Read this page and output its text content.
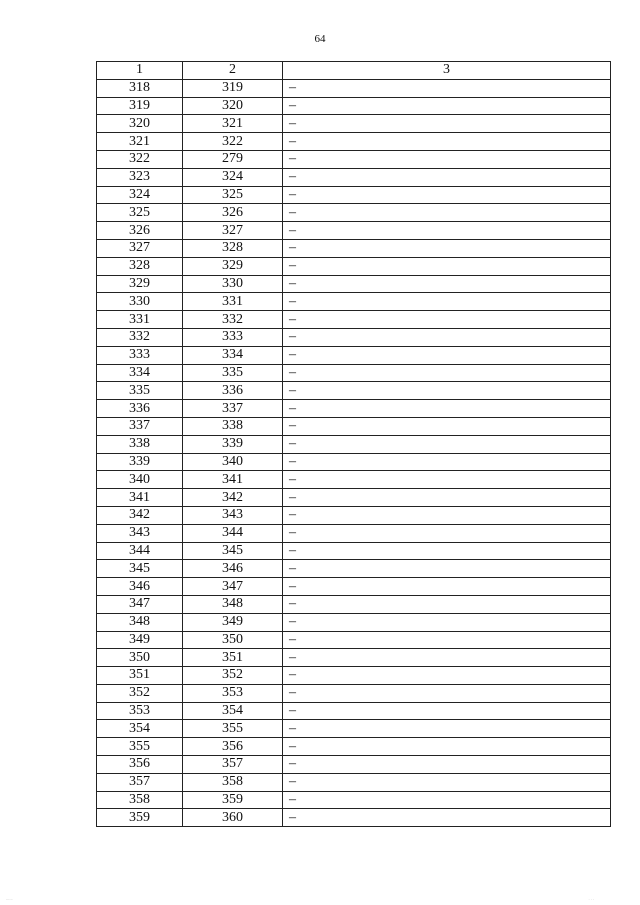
64
1	2	3
318	319	–
319	320	–
320	321	–
321	322	–
322	279	–
323	324	–
324	325	–
325	326	–
326	327	–
327	328	–
328	329	–
329	330	–
330	331	–
331	332	–
332	333	–
333	334	–
334	335	–
335	336	–
336	337	–
337	338	–
338	339	–
339	340	–
340	341	–
341	342	–
342	343	–
343	344	–
344	345	–
345	346	–
346	347	–
347	348	–
348	349	–
349	350	–
350	351	–
351	352	–
352	353	–
353	354	–
354	355	–
355	356	–
356	357	–
357	358	–
358	359	–
359	360	–
......	. . .
